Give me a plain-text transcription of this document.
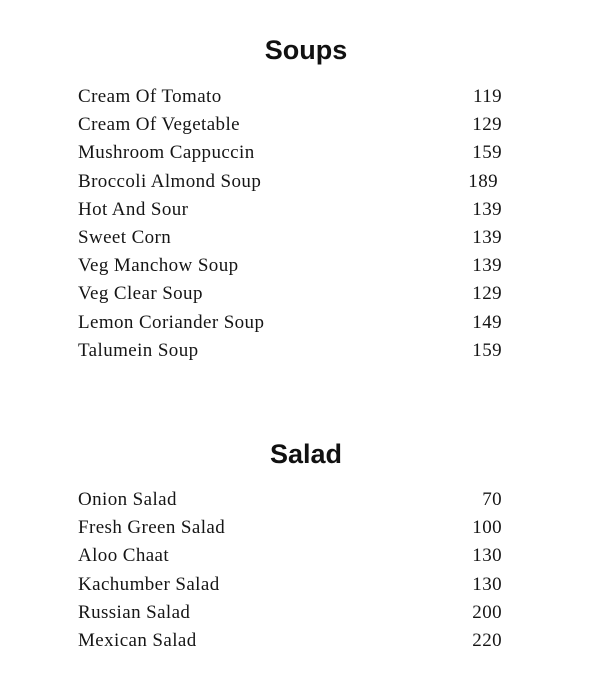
Soups
Cream Of Tomato	119
Cream Of Vegetable	129
Mushroom Cappuccin	159
Broccoli Almond Soup	189
Hot And Sour	139
Sweet Corn	139
Veg Manchow Soup	139
Veg Clear Soup	129
Lemon Coriander Soup	149
Talumein Soup	159
Salad
Onion Salad	70
Fresh Green Salad	100
Aloo Chaat	130
Kachumber Salad	130
Russian Salad	200
Mexican Salad	220
